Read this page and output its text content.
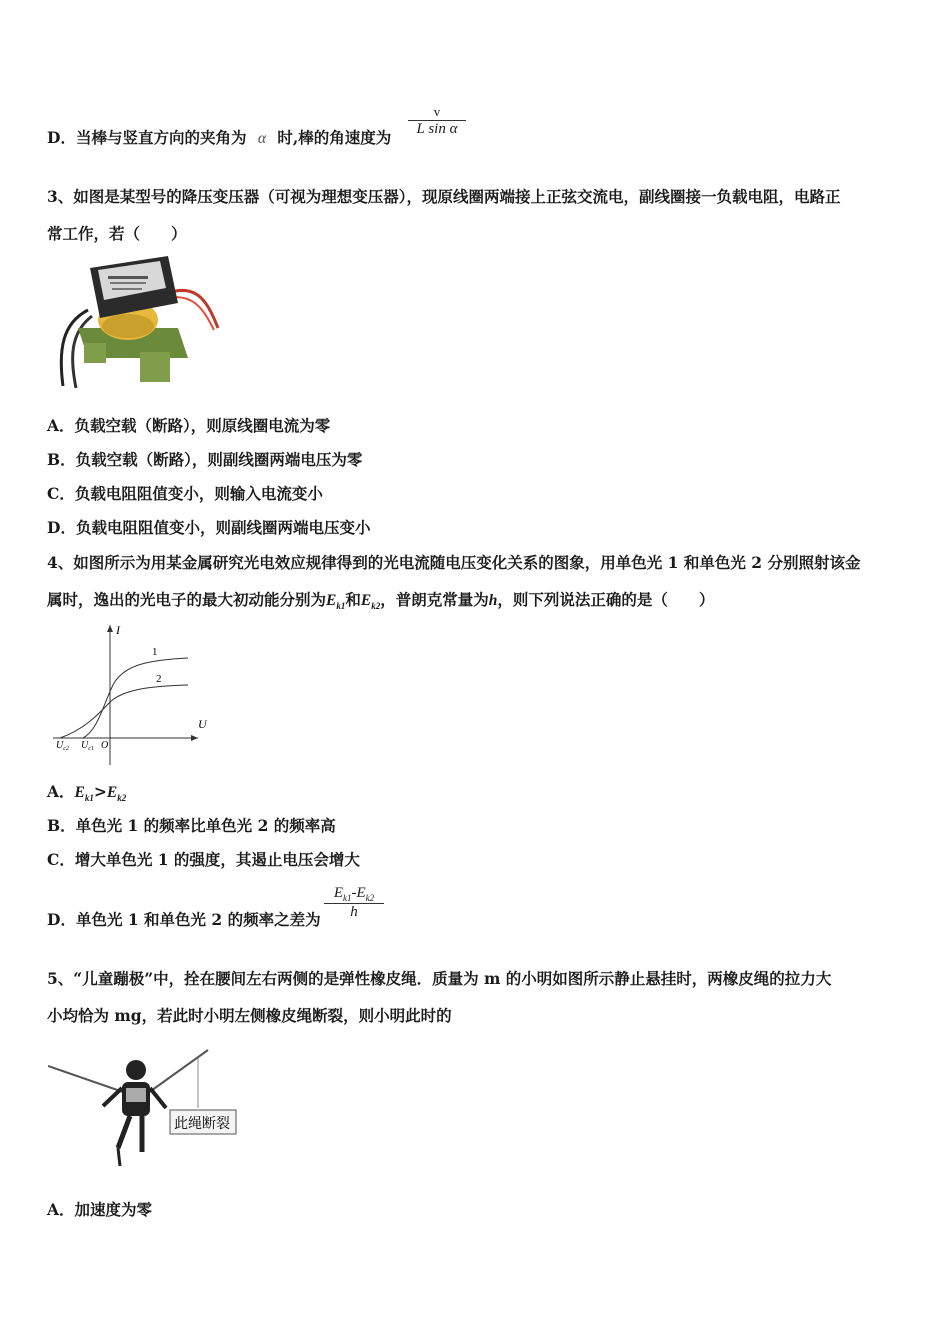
D．当棒与竖直方向的夹角为 α 时,棒的角速度为
v
L sin α
3、如图是某型号的降压变压器（可视为理想变压器），现原线圈两端接上正弦交流电，副线圈接一负载电阻，电路正
常工作，若（　　）
A．负载空载（断路），则原线圈电流为零
B．负载空载（断路），则副线圈两端电压为零
C．负载电阻阻值变小，则输入电流变小
D．负载电阻阻值变小，则副线圈两端电压变小
4、如图所示为用某金属研究光电效应规律得到的光电流随电压变化关系的图象，用单色光 1 和单色光 2 分别照射该金
属时，逸出的光电子的最大初动能分别为$E_{k1}$和$E_{k2}$，普朗克常量为h，则下列说法正确的是（　　）
I
U
1
2
$U_{c2}$ $U_{c1}$ O
A．$E_{k1}>E_{k2}$
B．单色光 1 的频率比单色光 2 的频率高
C．增大单色光 1 的强度，其遏止电压会增大
D．单色光 1 和单色光 2 的频率之差为
$E_{k1}-E_{k2}$
h
5、“儿童蹦极”中，拴在腰间左右两侧的是弹性橡皮绳．质量为 m 的小明如图所示静止悬挂时，两橡皮绳的拉力大
小均恰为 mg，若此时小明左侧橡皮绳断裂，则小明此时的
此绳断裂
A．加速度为零
